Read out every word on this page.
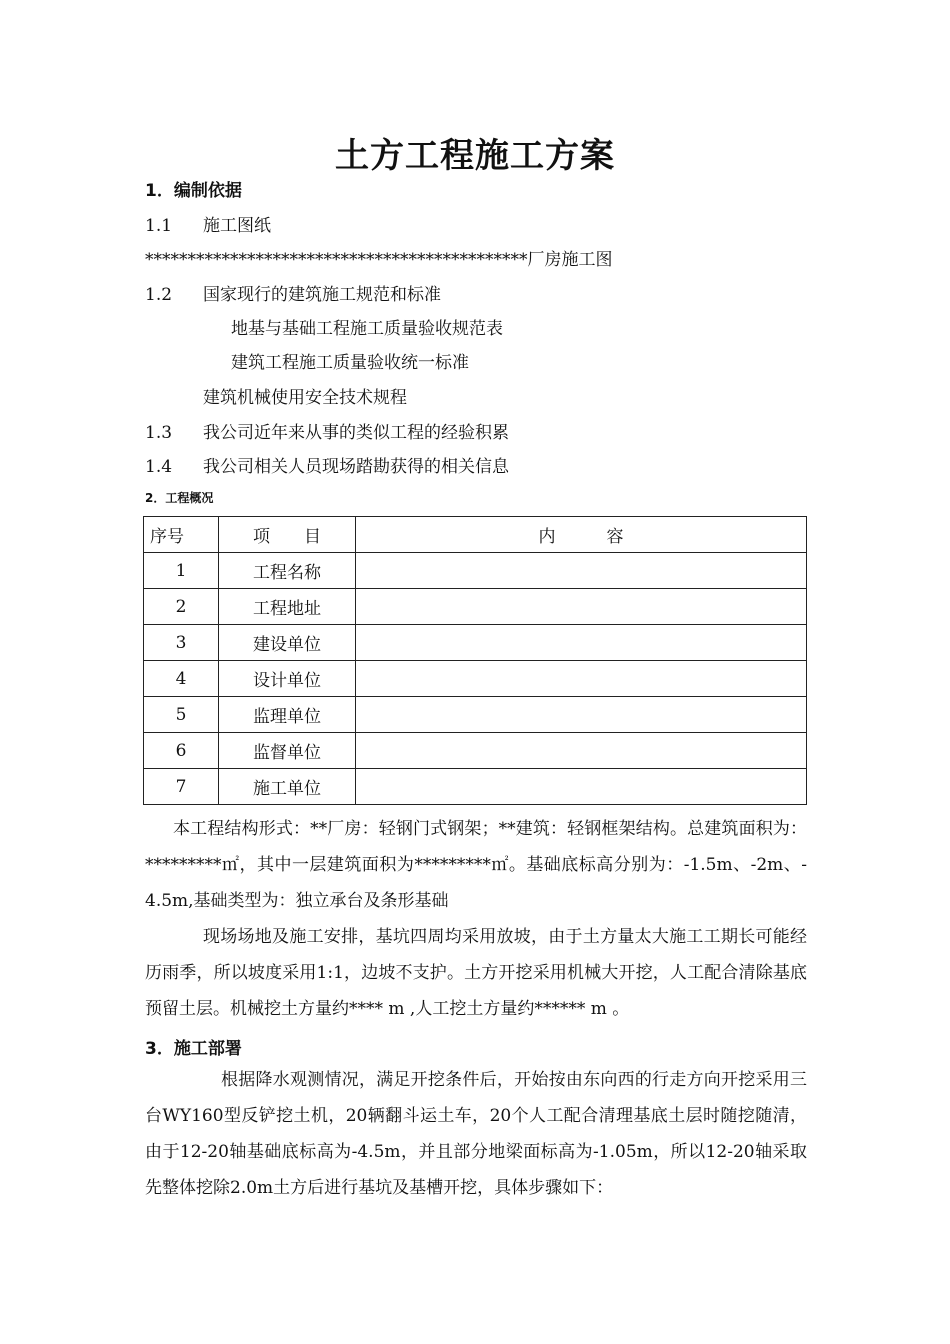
土方工程施工方案
1．编制依据
1.1 施工图纸
*********************************************厂房施工图
1.2 国家现行的建筑施工规范和标准
地基与基础工程施工质量验收规范表
建筑工程施工质量验收统一标准
建筑机械使用安全技术规程
1.3 我公司近年来从事的类似工程的经验积累
1.4 我公司相关人员现场踏勘获得的相关信息
2．工程概况
序号	项　　目	内　　　容
1	工程名称	
2	工程地址	
3	建设单位	
4	设计单位	
5	监理单位	
6	监督单位	
7	施工单位	
本工程结构形式：**厂房：轻钢门式钢架；**建筑：轻钢框架结构。总建筑面积为：*********㎡，其中一层建筑面积为*********㎡。基础底标高分别为：-1.5m、-2m、-4.5m,基础类型为：独立承台及条形基础
现场场地及施工安排，基坑四周均采用放坡，由于土方量太大施工工期长可能经历雨季，所以坡度采用1:1，边坡不支护。土方开挖采用机械大开挖，人工配合清除基底预留土层。机械挖土方量约**** m ,人工挖土方量约****** m 。
3．施工部署
根据降水观测情况，满足开挖条件后，开始按由东向西的行走方向开挖采用三台WY160型反铲挖土机，20辆翻斗运土车，20个人工配合清理基底土层时随挖随清，由于12-20轴基础底标高为-4.5m，并且部分地梁面标高为-1.05m，所以12-20轴采取先整体挖除2.0m土方后进行基坑及基槽开挖，具体步骤如下：
